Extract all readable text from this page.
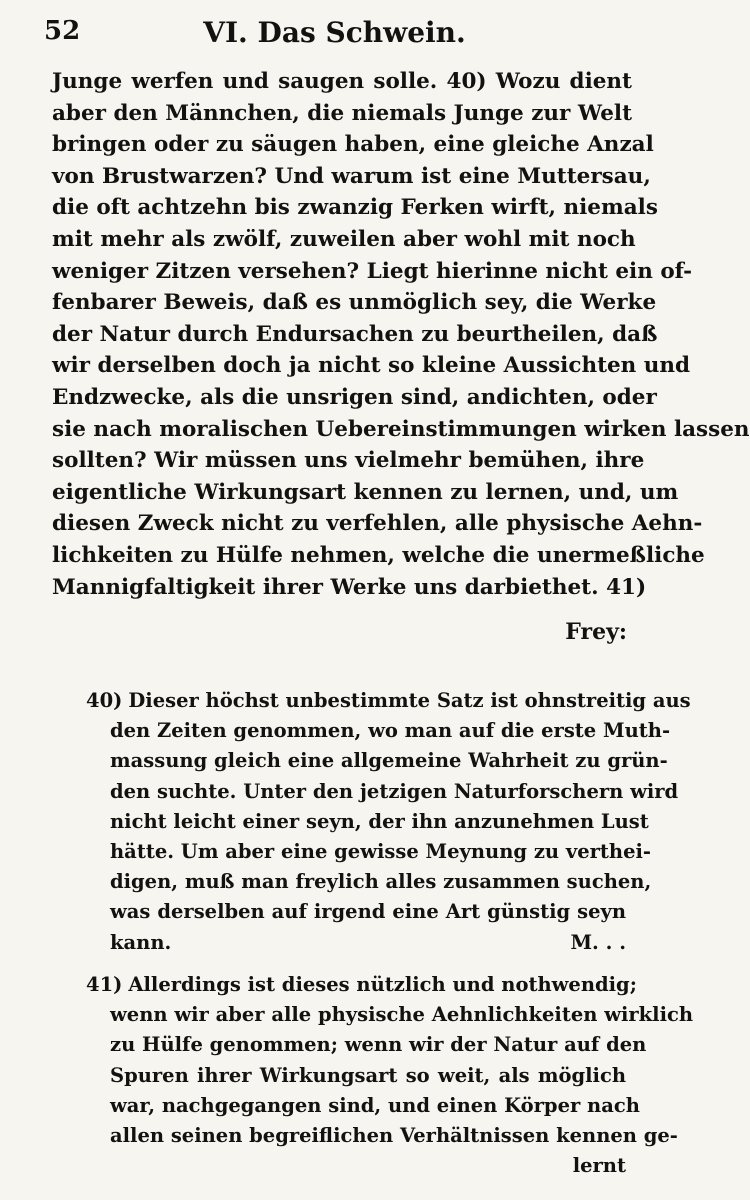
52	VI. Das Schwein.
Junge werfen und saugen solle. 40) Wozu dient
aber den Männchen, die niemals Junge zur Welt
bringen oder zu säugen haben, eine gleiche Anzal
von Brustwarzen? Und warum ist eine Muttersau,
die oft achtzehn bis zwanzig Ferken wirft, niemals
mit mehr als zwölf, zuweilen aber wohl mit noch
weniger Zitzen versehen? Liegt hierinne nicht ein of-
fenbarer Beweis, daß es unmöglich sey, die Werke
der Natur durch Endursachen zu beurtheilen, daß
wir derselben doch ja nicht so kleine Aussichten und
Endzwecke, als die unsrigen sind, andichten, oder
sie nach moralischen Uebereinstimmungen wirken lassen
sollten? Wir müssen uns vielmehr bemühen, ihre
eigentliche Wirkungsart kennen zu lernen, und, um
diesen Zweck nicht zu verfehlen, alle physische Aehn-
lichkeiten zu Hülfe nehmen, welche die unermeßliche
Mannigfaltigkeit ihrer Werke uns darbiethet. 41)
Frey:
40) Dieser höchst unbestimmte Satz ist ohnstreitig aus
den Zeiten genommen, wo man auf die erste Muth-
massung gleich eine allgemeine Wahrheit zu grün-
den suchte. Unter den jetzigen Naturforschern wird
nicht leicht einer seyn, der ihn anzunehmen Lust
hätte. Um aber eine gewisse Meynung zu verthei-
digen, muß man freylich alles zusammen suchen,
was derselben auf irgend eine Art günstig seyn
kann.	M. . .
41) Allerdings ist dieses nützlich und nothwendig;
wenn wir aber alle physische Aehnlichkeiten wirklich
zu Hülfe genommen; wenn wir der Natur auf den
Spuren ihrer Wirkungsart so weit, als möglich
war, nachgegangen sind, und einen Körper nach
allen seinen begreiflichen Verhältnissen kennen ge-
lernt
